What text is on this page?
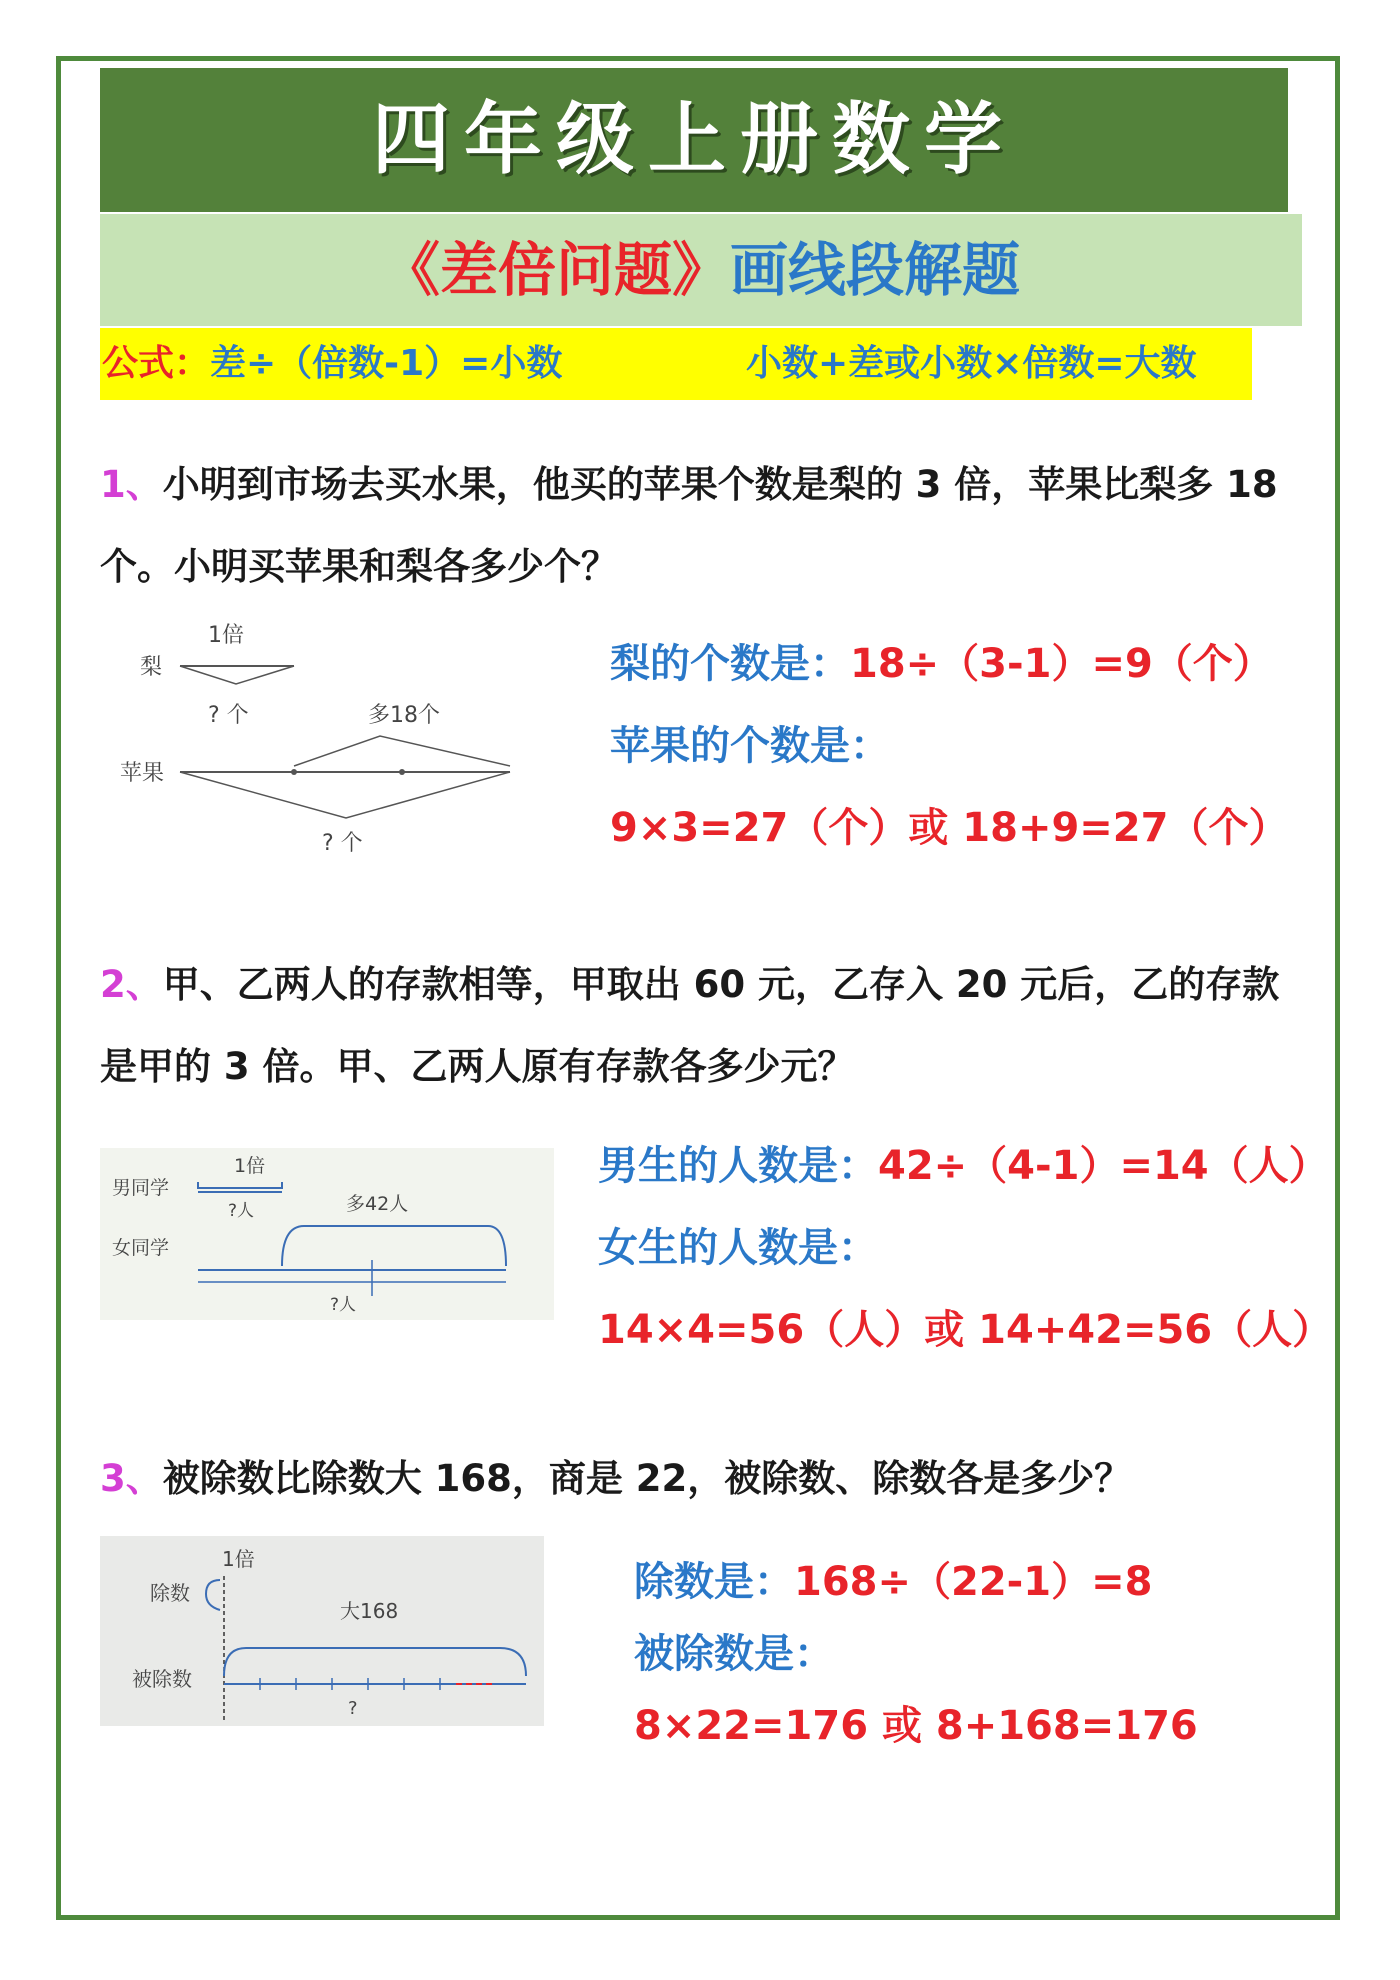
四年级上册数学
《差倍问题》画线段解题
公式：差÷（倍数-1）=小数	小数+差或小数×倍数=大数
1、小明到市场去买水果，他买的苹果个数是梨的 3 倍，苹果比梨多 18 个。小明买苹果和梨各多少个？
梨
1倍
? 个	多18个
苹果
? 个
梨的个数是：18÷（3-1）=9（个）
苹果的个数是：
9×3=27（个）或 18+9=27（个）
2、甲、乙两人的存款相等，甲取出 60 元，乙存入 20 元后，乙的存款是甲的 3 倍。甲、乙两人原有存款各多少元？
男同学
1倍
?人	多42人
女同学
?人
男生的人数是：42÷（4-1）=14（人）
女生的人数是：
14×4=56（人）或 14+42=56（人）
3、被除数比除数大 168，商是 22，被除数、除数各是多少？
除数
1倍
大168
被除数
?
除数是：168÷（22-1）=8
被除数是：
8×22=176 或 8+168=176
